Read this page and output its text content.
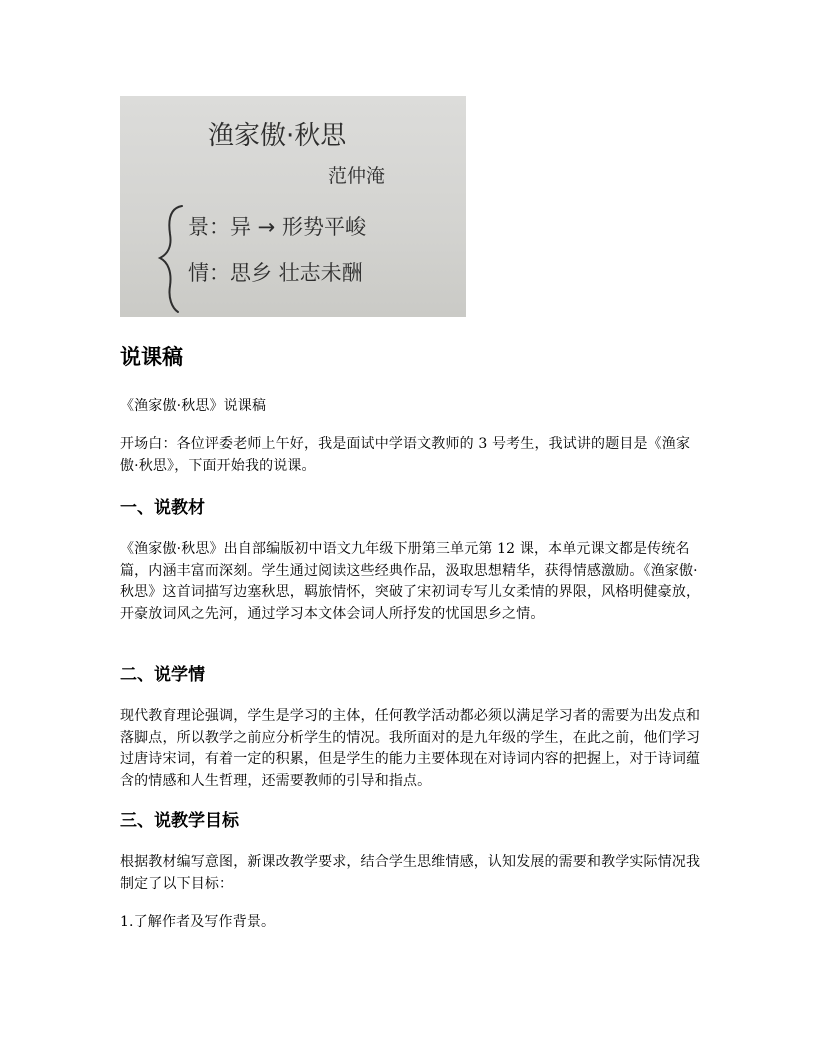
渔家傲·秋思
范仲淹
景：异 → 形势平峻
情：思乡 壮志未酬
说课稿

《渔家傲·秋思》说课稿

开场白：各位评委老师上午好，我是面试中学语文教师的 3 号考生，我试讲的题目是《渔家傲·秋思》，下面开始我的说课。

一、说教材

《渔家傲·秋思》出自部编版初中语文九年级下册第三单元第 12 课，本单元课文都是传统名篇，内涵丰富而深刻。学生通过阅读这些经典作品，汲取思想精华，获得情感激励。《渔家傲·秋思》这首词描写边塞秋思，羁旅情怀，突破了宋初词专写儿女柔情的界限，风格明健豪放，开豪放词风之先河，通过学习本文体会词人所抒发的忧国思乡之情。

二、说学情

现代教育理论强调，学生是学习的主体，任何教学活动都必须以满足学习者的需要为出发点和落脚点，所以教学之前应分析学生的情况。我所面对的是九年级的学生，在此之前，他们学习过唐诗宋词，有着一定的积累，但是学生的能力主要体现在对诗词内容的把握上，对于诗词蕴含的情感和人生哲理，还需要教师的引导和指点。

三、说教学目标

根据教材编写意图，新课改教学要求，结合学生思维情感，认知发展的需要和教学实际情况我制定了以下目标：

1.了解作者及写作背景。
